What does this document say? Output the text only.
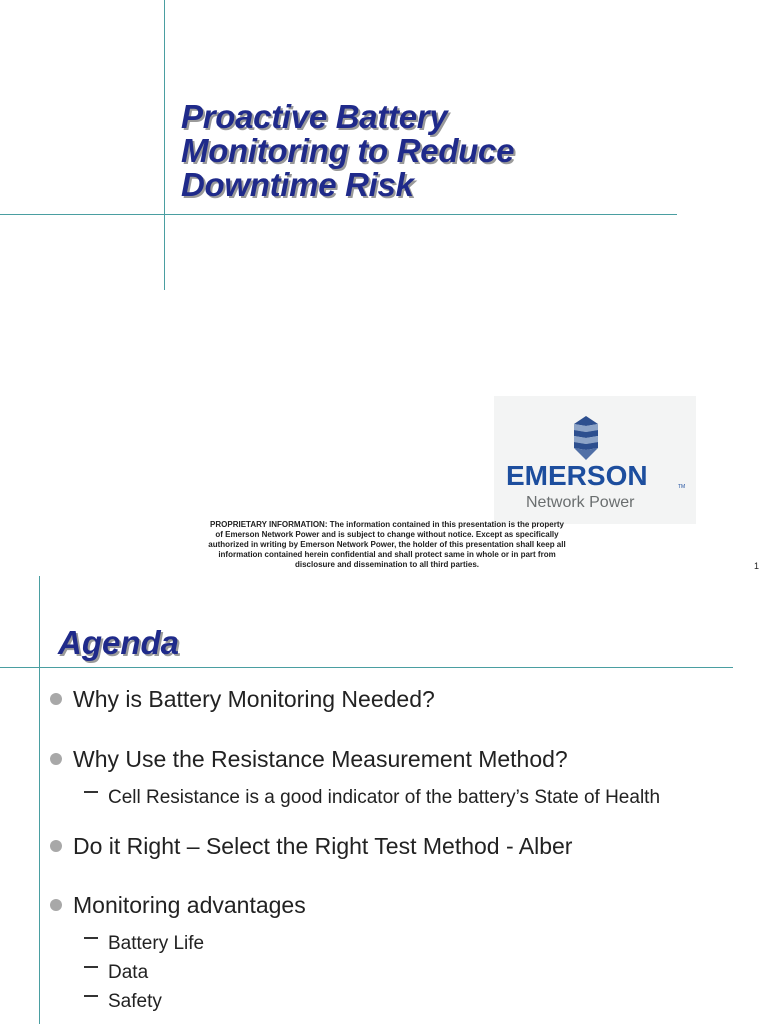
Proactive Battery
Monitoring to Reduce
Downtime Risk
EMERSON	TM
Network Power
PROPRIETARY INFORMATION: The information contained in this presentation is the property
of Emerson Network Power and is subject to change without notice. Except as specifically
authorized in writing by Emerson Network Power, the holder of this presentation shall keep all
information contained herein confidential and shall protect same in whole or in part from
disclosure and dissemination to all third parties.	1
Agenda
Why is Battery Monitoring Needed?
Why Use the Resistance Measurement Method?
Cell Resistance is a good indicator of the battery’s State of Health
Do it Right – Select the Right Test Method - Alber
Monitoring advantages
Battery Life
Data
Safety
